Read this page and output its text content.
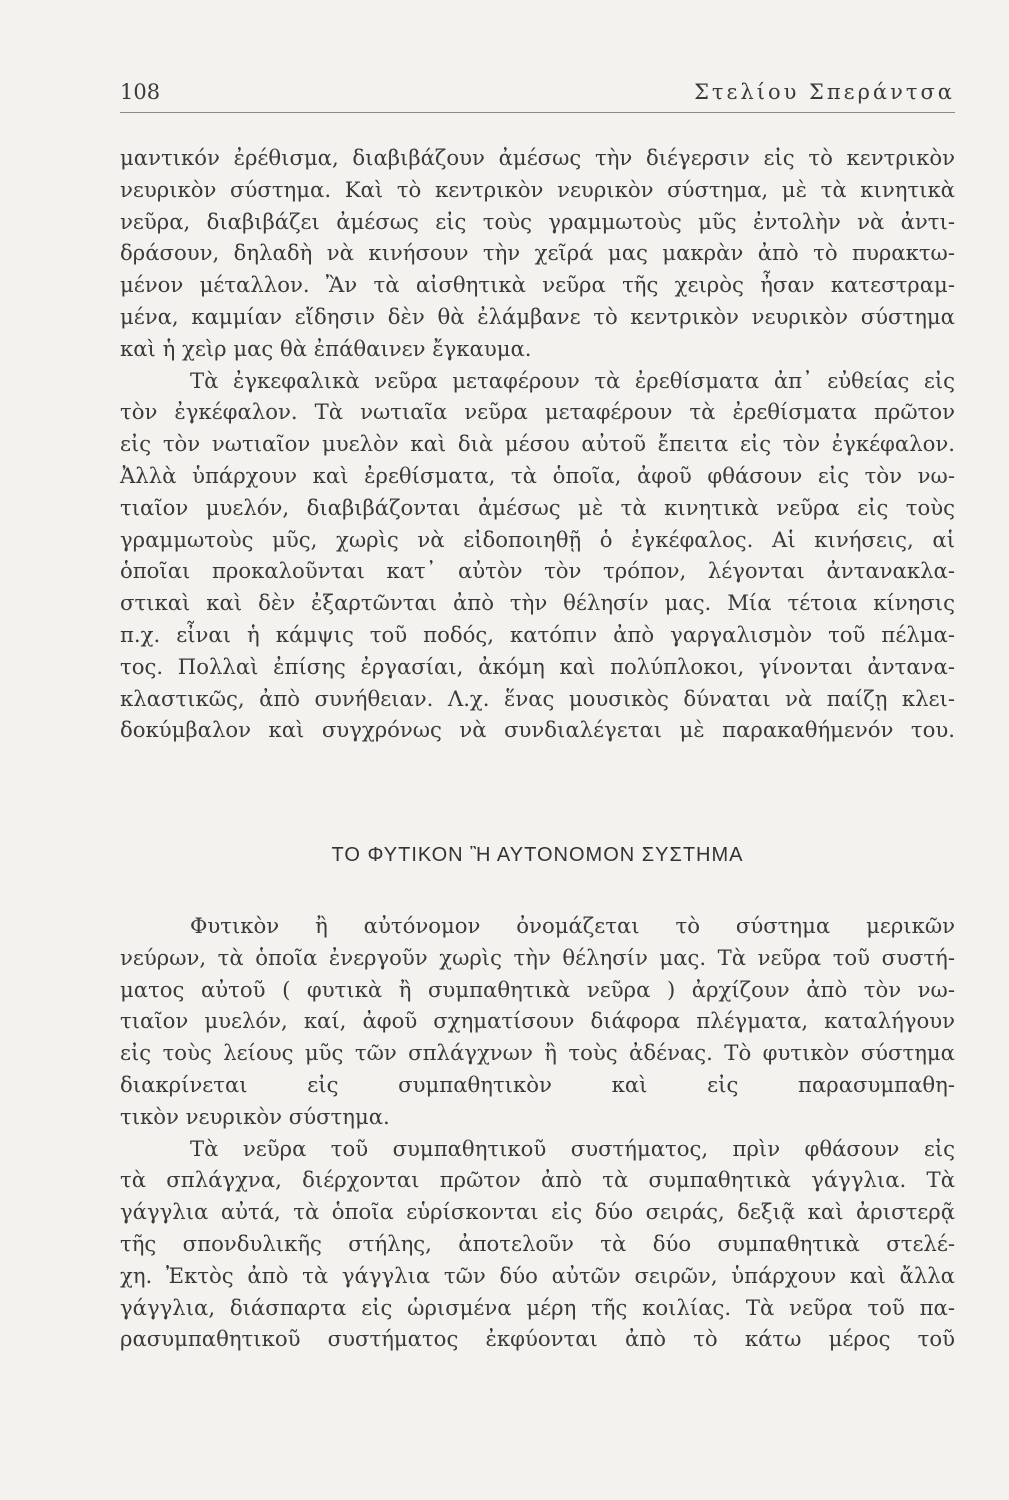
108	Στελίου Σπεράντσα

μαντικόν ἐρέθισμα, διαβιβάζουν ἀμέσως τὴν διέγερσιν εἰς τὸ κεντρικὸν
νευρικὸν σύστημα. Καὶ τὸ κεντρικὸν νευρικὸν σύστημα, μὲ τὰ κινητικὰ
νεῦρα, διαβιβάζει ἀμέσως εἰς τοὺς γραμμωτοὺς μῦς ἐντολὴν νὰ ἀντι-
δράσουν, δηλαδὴ νὰ κινήσουν τὴν χεῖρά μας μακρὰν ἀπὸ τὸ πυρακτω-
μένον μέταλλον. Ἂν τὰ αἰσθητικὰ νεῦρα τῆς χειρὸς ἦσαν κατεστραμ-
μένα, καμμίαν εἴδησιν δὲν θὰ ἐλάμβανε τὸ κεντρικὸν νευρικὸν σύστημα
καὶ ἡ χεὶρ μας θὰ ἐπάθαινεν ἔγκαυμα.

Τὰ ἐγκεφαλικὰ νεῦρα μεταφέρουν τὰ ἐρεθίσματα ἀπ᾿ εὐθείας εἰς
τὸν ἐγκέφαλον. Τὰ νωτιαῖα νεῦρα μεταφέρουν τὰ ἐρεθίσματα πρῶτον
εἰς τὸν νωτιαῖον μυελὸν καὶ διὰ μέσου αὐτοῦ ἔπειτα εἰς τὸν ἐγκέφαλον.
Ἀλλὰ ὑπάρχουν καὶ ἐρεθίσματα, τὰ ὁποῖα, ἀφοῦ φθάσουν εἰς τὸν νω-
τιαῖον μυελόν, διαβιβάζονται ἀμέσως μὲ τὰ κινητικὰ νεῦρα εἰς τοὺς
γραμμωτοὺς μῦς, χωρὶς νὰ εἰδοποιηθῇ ὁ ἐγκέφαλος. Αἱ κινήσεις, αἱ
ὁποῖαι προκαλοῦνται κατ᾿ αὐτὸν τὸν τρόπον, λέγονται ἀντανακλα-
στικαὶ καὶ δὲν ἐξαρτῶνται ἀπὸ τὴν θέλησίν μας. Μία τέτοια κίνησις
π.χ. εἶναι ἡ κάμψις τοῦ ποδός, κατόπιν ἀπὸ γαργαλισμὸν τοῦ πέλμα-
τος. Πολλαὶ ἐπίσης ἐργασίαι, ἀκόμη καὶ πολύπλοκοι, γίνονται ἀντανα-
κλαστικῶς, ἀπὸ συνήθειαν. Λ.χ. ἕνας μουσικὸς δύναται νὰ παίζῃ κλει-
δοκύμβαλον καὶ συγχρόνως νὰ συνδιαλέγεται μὲ παρακαθήμενόν του.

ΤΟ ΦΥΤΙΚΟΝ Ἢ ΑΥΤΟΝΟΜΟΝ ΣΥΣΤΗΜΑ

Φυτικὸν ἢ αὐτόνομον ὀνομάζεται τὸ σύστημα μερικῶν
νεύρων, τὰ ὁποῖα ἐνεργοῦν χωρὶς τὴν θέλησίν μας. Τὰ νεῦρα τοῦ συστή-
ματος αὐτοῦ ( φυτικὰ ἢ συμπαθητικὰ νεῦρα ) ἀρχίζουν ἀπὸ τὸν νω-
τιαῖον μυελόν, καί, ἀφοῦ σχηματίσουν διάφορα πλέγματα, καταλήγουν
εἰς τοὺς λείους μῦς τῶν σπλάγχνων ἢ τοὺς ἀδένας. Τὸ φυτικὸν σύστημα
διακρίνεται εἰς συμπαθητικὸν καὶ εἰς παρασυμπαθη-
τικὸν νευρικὸν σύστημα.

Τὰ νεῦρα τοῦ συμπαθητικοῦ συστήματος, πρὶν φθάσουν εἰς
τὰ σπλάγχνα, διέρχονται πρῶτον ἀπὸ τὰ συμπαθητικὰ γάγγλια. Τὰ
γάγγλια αὐτά, τὰ ὁποῖα εὑρίσκονται εἰς δύο σειράς, δεξιᾷ καὶ ἀριστερᾷ
τῆς σπονδυλικῆς στήλης, ἀποτελοῦν τὰ δύο συμπαθητικὰ στελέ-
χη. Ἐκτὸς ἀπὸ τὰ γάγγλια τῶν δύο αὐτῶν σειρῶν, ὑπάρχουν καὶ ἄλλα
γάγγλια, διάσπαρτα εἰς ὡρισμένα μέρη τῆς κοιλίας. Τὰ νεῦρα τοῦ πα-
ρασυμπαθητικοῦ συστήματος ἐκφύονται ἀπὸ τὸ κάτω μέρος τοῦ
